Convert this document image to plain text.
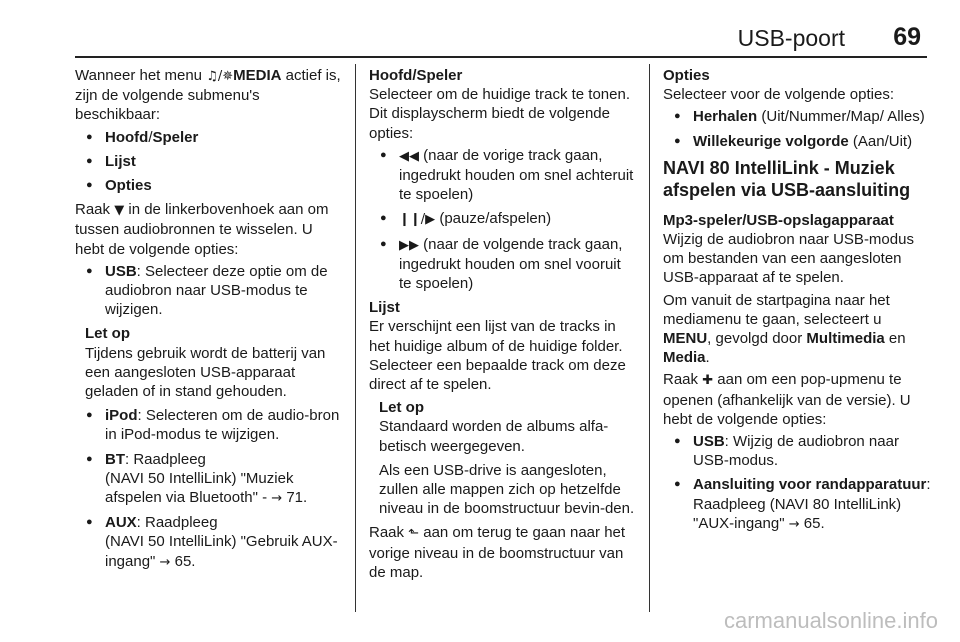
USB-poort 69

Wanneer het menu ♫/✵MEDIA actief is, zijn de volgende submenu's beschikbaar:

● Hoofd/Speler
● Lijst
● Opties

Raak ▼ in de linkerbovenhoek aan om tussen audiobronnen te wisselen. U hebt de volgende opties:

● USB: Selecteer deze optie om de audiobron naar USB-modus te wijzigen.
Let op
Tijdens gebruik wordt de batterij van een aangesloten USB-apparaat geladen of in stand gehouden.
● iPod: Selecteren om de audio-bron in iPod-modus te wijzigen.
● BT: Raadpleeg
(NAVI 50 IntelliLink) "Muziek afspelen via Bluetooth" - → 71.
● AUX: Raadpleeg
(NAVI 50 IntelliLink) "Gebruik AUX-ingang" → 65.
Hoofd/Speler

Selecteer om de huidige track te tonen. Dit displayscherm biedt de volgende opties:

● ◀◀ (naar de vorige track gaan, ingedrukt houden om snel achteruit te spoelen)
● ❙❙/▶ (pauze/afspelen)
● ▶▶ (naar de volgende track gaan, ingedrukt houden om snel vooruit te spoelen)
Lijst

Er verschijnt een lijst van de tracks in het huidige album of de huidige folder. Selecteer een bepaalde track om deze direct af te spelen.

Let op
Standaard worden de albums alfa-betisch weergegeven.
Als een USB-drive is aangesloten, zullen alle mappen zich op hetzelfde niveau in de boomstructuur bevin-den.

Raak ⬑ aan om terug te gaan naar het vorige niveau in de boomstructuur van de map.

Opties

Selecteer voor de volgende opties:

● Herhalen (Uit/Nummer/Map/ Alles)
● Willekeurige volgorde (Aan/Uit)
NAVI 80 IntelliLink - Muziek afspelen via USB-aansluiting
Mp3-speler/USB-opslagapparaat

Wijzig de audiobron naar USB-modus om bestanden van een aangesloten USB-apparaat af te spelen.

Om vanuit de startpagina naar het mediamenu te gaan, selecteert u MENU, gevolgd door Multimedia en Media.

Raak ✚ aan om een pop-upmenu te openen (afhankelijk van de versie). U hebt de volgende opties:

● USB: Wijzig de audiobron naar USB-modus.
● Aansluiting voor randapparatuur:
Raadpleeg (NAVI 80 IntelliLink) "AUX-ingang" → 65.
carmanualsonline.info
